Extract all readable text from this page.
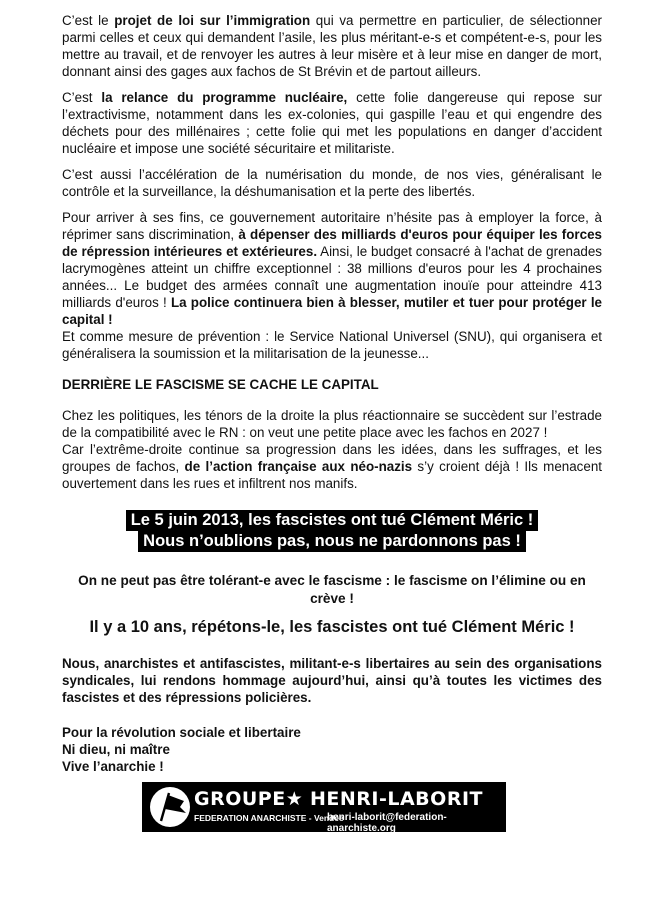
C’est le projet de loi sur l’immigration qui va permettre en particulier, de sélectionner parmi celles et ceux qui demandent l’asile, les plus méritant-e-s et compétent-e-s, pour les mettre au travail, et de renvoyer les autres à leur misère et à leur mise en danger de mort, donnant ainsi des gages aux fachos de St Brévin et de partout ailleurs.

C’est la relance du programme nucléaire, cette folie dangereuse qui repose sur l’extractivisme, notamment dans les ex-colonies, qui gaspille l’eau et qui engendre des déchets pour des millénaires ; cette folie qui met les populations en danger d’accident nucléaire et impose une société sécuritaire et militariste.

C’est aussi l’accélération de la numérisation du monde, de nos vies, généralisant le contrôle et la surveillance, la déshumanisation et la perte des libertés.

Pour arriver à ses fins, ce gouvernement autoritaire n’hésite pas à employer la force, à réprimer sans discrimination, à dépenser des milliards d'euros pour équiper les forces de répression intérieures et extérieures. Ainsi, le budget consacré à l'achat de grenades lacrymogènes atteint un chiffre exceptionnel : 38 millions d'euros pour les 4 prochaines années... Le budget des armées connaît une augmentation inouïe pour atteindre 413 milliards d'euros ! La police continuera bien à blesser, mutiler et tuer pour protéger le capital !

Et comme mesure de prévention : le Service National Universel (SNU), qui organisera et généralisera la soumission et la militarisation de la jeunesse...

DERRIÈRE LE FASCISME SE CACHE LE CAPITAL

Chez les politiques, les ténors de la droite la plus réactionnaire se succèdent sur l’estrade de la compatibilité avec le RN : on veut une petite place avec les fachos en 2027 !

Car l’extrême-droite continue sa progression dans les idées, dans les suffrages, et les groupes de fachos, de l’action française aux néo-nazis s’y croient déjà ! Ils menacent ouvertement dans les rues et infiltrent nos manifs.

Le 5 juin 2013, les fascistes ont tué Clément Méric !
Nous n’oublions pas, nous ne pardonnons pas !

On ne peut pas être tolérant-e avec le fascisme : le fascisme on l’élimine ou en crève !

Il y a 10 ans, répétons-le, les fascistes ont tué Clément Méric !

Nous, anarchistes et antifascistes, militant-e-s libertaires au sein des organisations syndicales, lui rendons hommage aujourd’hui, ainsi qu’à toutes les victimes des fascistes et des répressions policières.

Pour la révolution sociale et libertaire

Ni dieu, ni maître

Vive l’anarchie !

GROUPE★ HENRI-LABORIT
FEDERATION ANARCHISTE - Vendée
henri-laborit@federation-anarchiste.org
